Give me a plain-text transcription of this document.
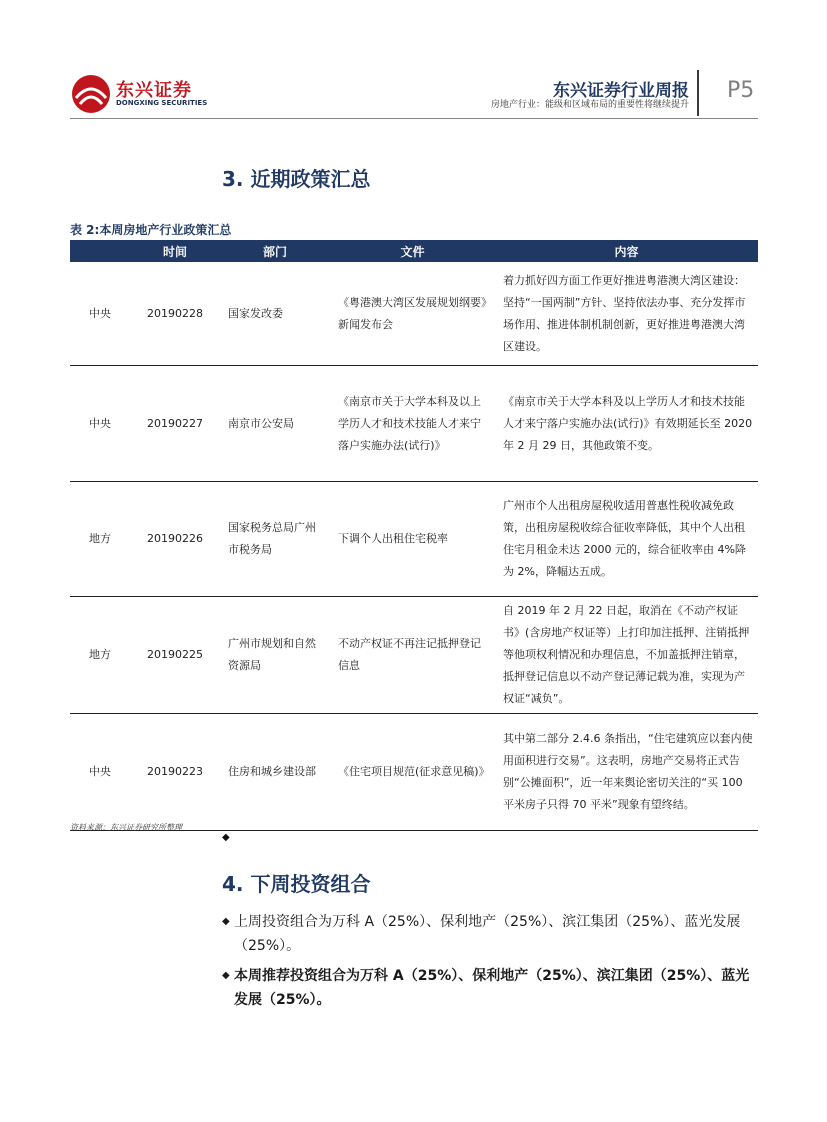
东兴证券
DONGXING SECURITIES
东兴证券行业周报
房地产行业：能级和区域布局的重要性将继续提升
P5
3. 近期政策汇总
表 2:本周房地产行业政策汇总
	时间	部门	文件	内容
中央	20190228	国家发改委	《粤港澳大湾区发展规划纲要》新闻发布会	着力抓好四方面工作更好推进粤港澳大湾区建设：坚持“一国两制”方针、坚持依法办事、充分发挥市场作用、推进体制机制创新，更好推进粤港澳大湾区建设。
中央	20190227	南京市公安局	《南京市关于大学本科及以上学历人才和技术技能人才来宁落户实施办法(试行)》	《南京市关于大学本科及以上学历人才和技术技能人才来宁落户实施办法(试行)》有效期延长至 2020 年 2 月 29 日，其他政策不变。
地方	20190226	国家税务总局广州市税务局	下调个人出租住宅税率	广州市个人出租房屋税收适用普惠性税收减免政策，出租房屋税收综合征收率降低，其中个人出租住宅月租金未达 2000 元的，综合征收率由 4%降为 2%，降幅达五成。
地方	20190225	广州市规划和自然资源局	不动产权证不再注记抵押登记信息	自 2019 年 2 月 22 日起，取消在《不动产权证书》(含房地产权证等）上打印加注抵押、注销抵押等他项权利情况和办理信息，不加盖抵押注销章，抵押登记信息以不动产登记薄记载为准，实现为产权证“减负”。
中央	20190223	住房和城乡建设部	《住宅项目规范(征求意见稿)》	其中第二部分 2.4.6 条指出，“住宅建筑应以套内使用面积进行交易”。这表明，房地产交易将正式告别“公摊面积”，近一年来舆论密切关注的“买 100 平米房子只得 70 平米”现象有望终结。
资料来源：东兴证券研究所整理
◆
4. 下周投资组合
◆ 上周投资组合为万科 A（25%）、保利地产（25%）、滨江集团（25%）、蓝光发展（25%）。
◆ 本周推荐投资组合为万科 A（25%）、保利地产（25%）、滨江集团（25%）、蓝光发展（25%）。
